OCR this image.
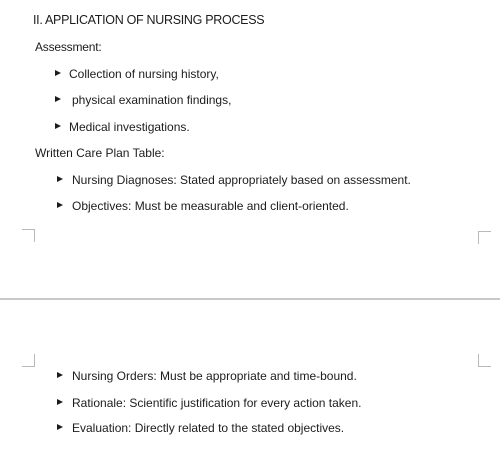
II. APPLICATION OF NURSING PROCESS
Assessment:
Collection of nursing history,
physical examination findings,
Medical investigations.
Written Care Plan Table:
Nursing Diagnoses: Stated appropriately based on assessment.
Objectives: Must be measurable and client-oriented.
Nursing Orders: Must be appropriate and time-bound.
Rationale: Scientific justification for every action taken.
Evaluation: Directly related to the stated objectives.
